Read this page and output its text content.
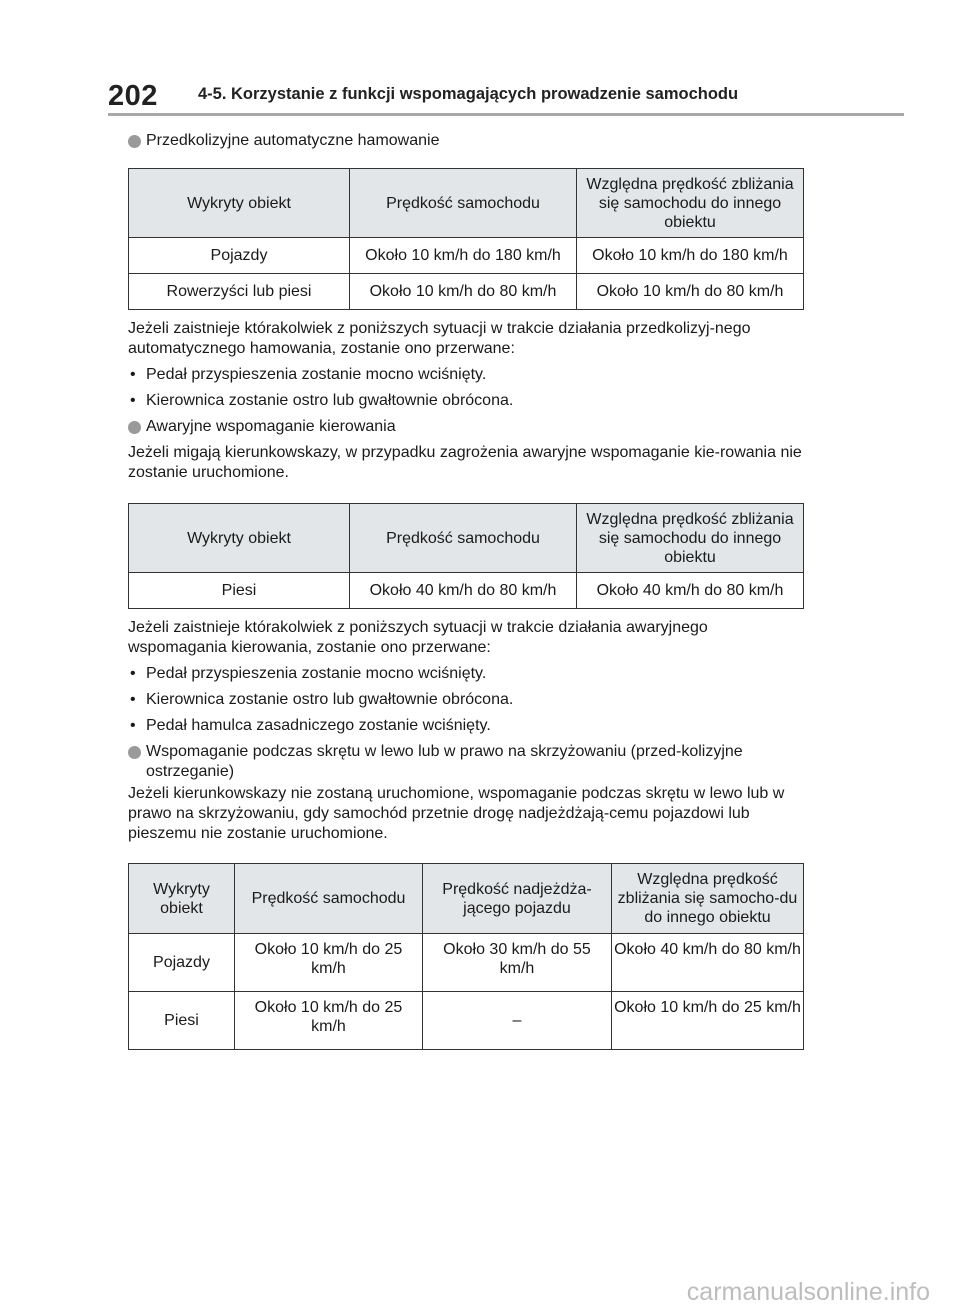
202 4-5. Korzystanie z funkcji wspomagających prowadzenie samochodu
Przedkolizyjne automatyczne hamowanie
Wykryty obiekt	Prędkość samochodu	Względna prędkość zbliżania się samochodu do innego obiektu
Pojazdy	Około 10 km/h do 180 km/h	Około 10 km/h do 180 km/h
Rowerzyści lub piesi	Około 10 km/h do 80 km/h	Około 10 km/h do 80 km/h

Jeżeli zaistnieje którakolwiek z poniższych sytuacji w trakcie działania przedkolizyj-nego automatycznego hamowania, zostanie ono przerwane:

• Pedał przyspieszenia zostanie mocno wciśnięty.
• Kierownica zostanie ostro lub gwałtownie obrócona.
Awaryjne wspomaganie kierowania

Jeżeli migają kierunkowskazy, w przypadku zagrożenia awaryjne wspomaganie kie-rowania nie zostanie uruchomione.

Wykryty obiekt	Prędkość samochodu	Względna prędkość zbliżania się samochodu do innego obiektu
Piesi	Około 40 km/h do 80 km/h	Około 40 km/h do 80 km/h

Jeżeli zaistnieje którakolwiek z poniższych sytuacji w trakcie działania awaryjnego wspomagania kierowania, zostanie ono przerwane:

• Pedał przyspieszenia zostanie mocno wciśnięty.
• Kierownica zostanie ostro lub gwałtownie obrócona.
• Pedał hamulca zasadniczego zostanie wciśnięty.
Wspomaganie podczas skrętu w lewo lub w prawo na skrzyżowaniu (przed-kolizyjne ostrzeganie)

Jeżeli kierunkowskazy nie zostaną uruchomione, wspomaganie podczas skrętu w lewo lub w prawo na skrzyżowaniu, gdy samochód przetnie drogę nadjeżdżają-cemu pojazdowi lub pieszemu nie zostanie uruchomione.

Wykryty obiekt	Prędkość samochodu	Prędkość nadjeżdża-jącego pojazdu	Względna prędkość zbliżania się samocho-du do innego obiektu
Pojazdy	Około 10 km/h do 25 km/h	Około 30 km/h do 55 km/h	Około 40 km/h do 80 km/h
Piesi	Około 10 km/h do 25 km/h	–	Około 10 km/h do 25 km/h
carmanualsonline.info
